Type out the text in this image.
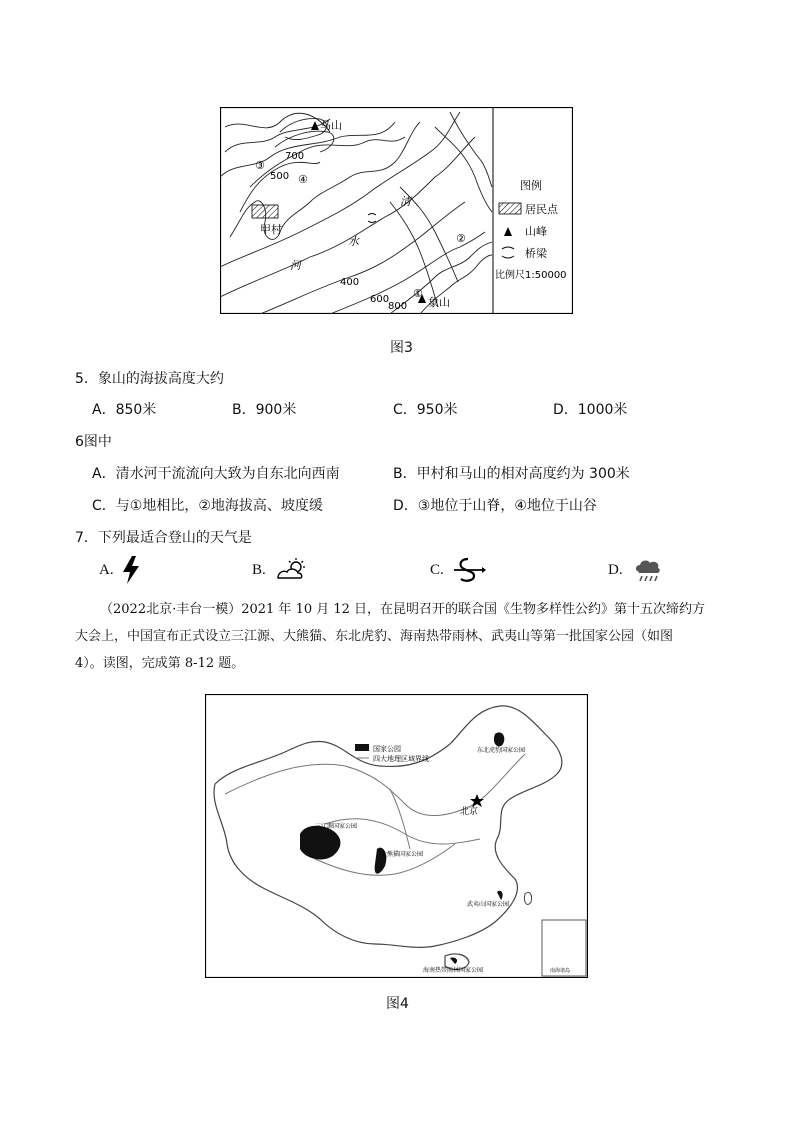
马山
象山
甲村
清
水
河
700
500
400
600
800
①
②
③
④	图例
居民点
山峰
桥梁
比例尺1:50000
图3
5．象山的海拔高度大约
A．850米	B．900米	C．950米	D．1000米
6图中
A．清水河干流流向大致为自东北向西南	B．甲村和马山的相对高度约为 300米
C．与①地相比，②地海拔高、坡度缓	D．③地位于山脊，④地位于山谷
7．下列最适合登山的天气是
A.	B.	C.	D.
（2022北京·丰台一模）2021 年 10 月 12 日，在昆明召开的联合国《生物多样性公约》第十五次缔约方
大会上，中国宣布正式设立三江源、大熊猫、东北虎豹、海南热带雨林、武夷山等第一批国家公园（如图
4）。读图，完成第 8-12 题。
国家公园
四大地理区域界线
北京
东北虎豹国家公园
三江源国家公园
大熊猫国家公园
武夷山国家公园
海南热带雨林国家公园	南海诸岛
图4
